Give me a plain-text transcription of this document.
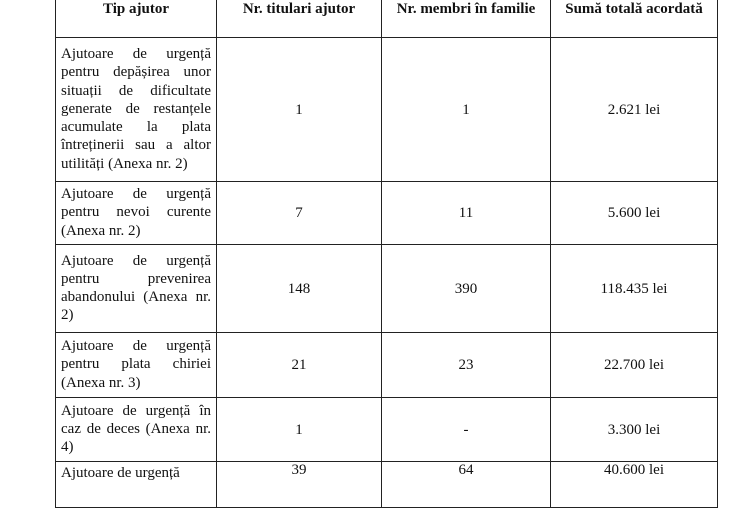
Tip ajutor	Nr. titulari ajutor	Nr. membri în familie	Sumă totală acordată

Ajutoare de urgență pentru depășirea unor situații de dificultate generate de restanțele acumulate la plata întreținerii sau a altor utilități (Anexa nr. 2)	1	1	2.621 lei
Ajutoare de urgență pentru nevoi curente (Anexa nr. 2)	7	11	5.600 lei
Ajutoare de urgență pentru prevenirea abandonului (Anexa nr. 2)	148	390	118.435 lei
Ajutoare de urgență pentru plata chiriei (Anexa nr. 3)	21	23	22.700 lei
Ajutoare de urgență în caz de deces (Anexa nr. 4)	1	-	3.300 lei
Ajutoare de urgență	39	64	40.600 lei
